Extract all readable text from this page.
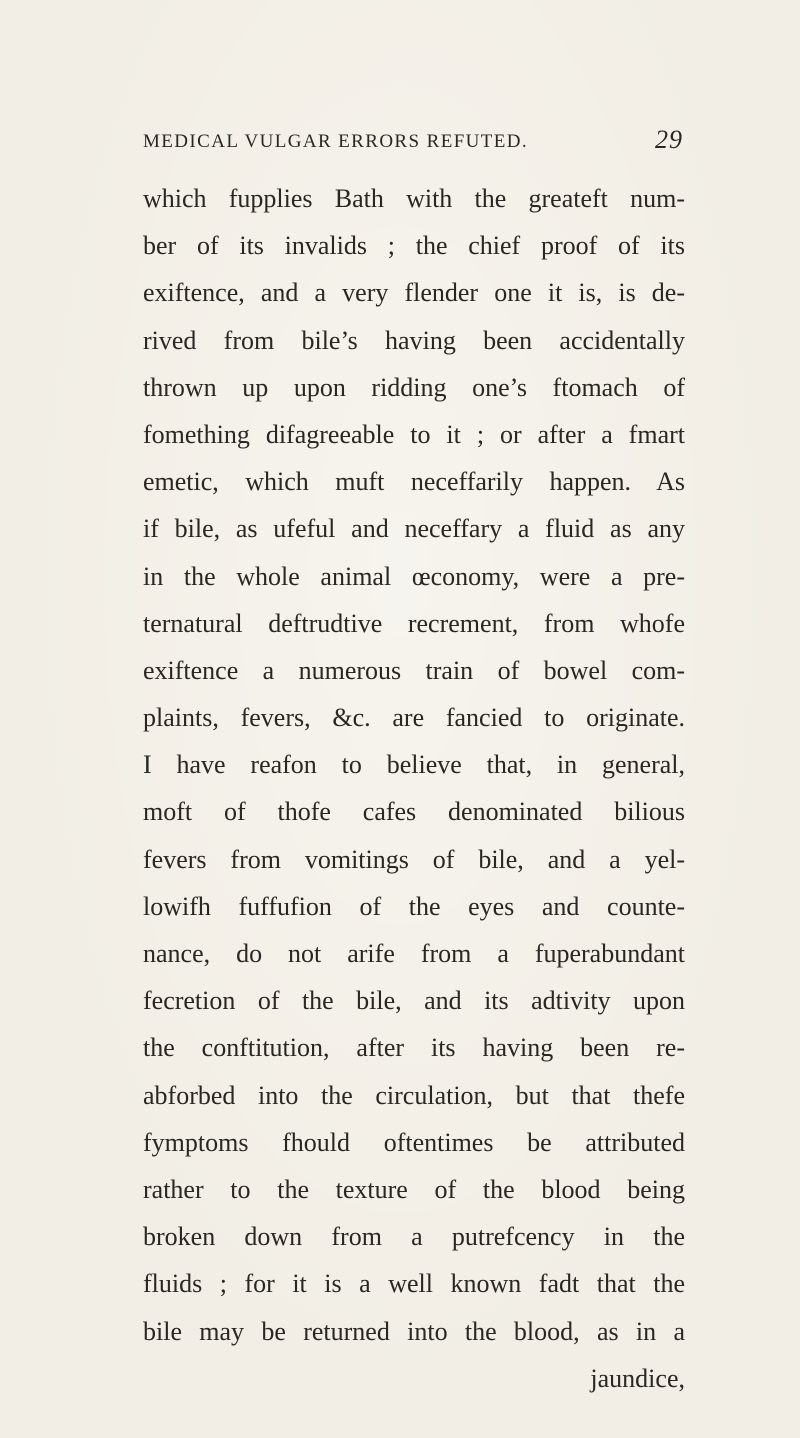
MEDICAL VULGAR ERRORS REFUTED.	29
which fupplies Bath with the greateft num-
ber of its invalids ; the chief proof of its
exiftence, and a very flender one it is, is de-
rived from bile’s having been accidentally
thrown up upon ridding one’s ftomach of
fomething difagreeable to it ; or after a fmart
emetic, which muft neceffarily happen. As
if bile, as ufeful and neceffary a fluid as any
in the whole animal œconomy, were a pre-
ternatural deftrudtive recrement, from whofe
exiftence a numerous train of bowel com-
plaints, fevers, &c. are fancied to originate.
I have reafon to believe that, in general,
moft of thofe cafes denominated bilious
fevers from vomitings of bile, and a yel-
lowifh fuffufion of the eyes and counte-
nance, do not arife from a fuperabundant
fecretion of the bile, and its adtivity upon
the conftitution, after its having been re-
abforbed into the circulation, but that thefe
fymptoms fhould oftentimes be attributed
rather to the texture of the blood being
broken down from a putrefcency in the
fluids ; for it is a well known fadt that the
bile may be returned into the blood, as in a
jaundice,
